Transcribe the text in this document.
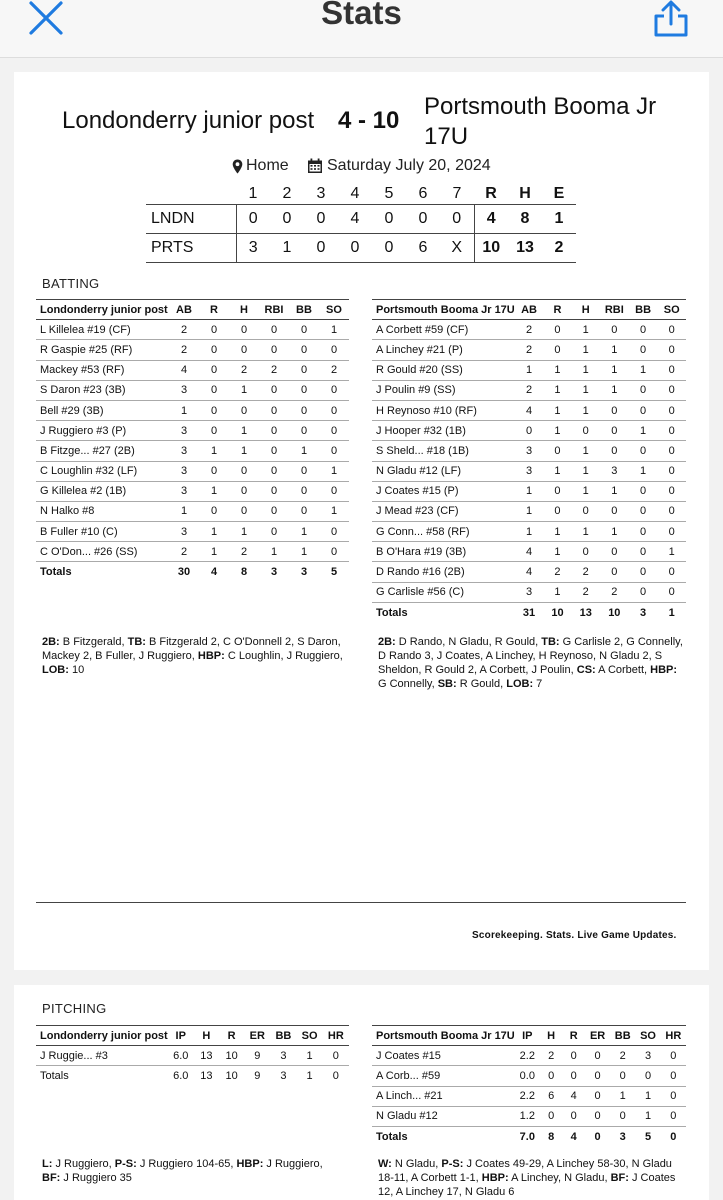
Stats
Londonderry junior post 4 - 10
Portsmouth Booma Jr 17U
Home	Saturday July 20, 2024
	1	2	3	4	5	6	7	R	H	E
LNDN	0	0	0	4	0	0	0	4	8	1
PRTS	3	1	0	0	0	6	X	10	13	2
BATTING
Londonderry junior post	AB	R	H	RBI	BB	SO
L Killelea #19 (CF)	2	0	0	0	0	1
R Gaspie #25 (RF)	2	0	0	0	0	0
Mackey #53 (RF)	4	0	2	2	0	2
S Daron #23 (3B)	3	0	1	0	0	0
Bell #29 (3B)	1	0	0	0	0	0
J Ruggiero #3 (P)	3	0	1	0	0	0
B Fitzge... #27 (2B)	3	1	1	0	1	0
C Loughlin #32 (LF)	3	0	0	0	0	1
G Killelea #2 (1B)	3	1	0	0	0	0
N Halko #8	1	0	0	0	0	1
B Fuller #10 (C)	3	1	1	0	1	0
C O'Don... #26 (SS)	2	1	2	1	1	0
Totals	30	4	8	3	3	5
Portsmouth Booma Jr 17U	AB	R	H	RBI	BB	SO
A Corbett #59 (CF)	2	0	1	0	0	0
A Linchey #21 (P)	2	0	1	1	0	0
R Gould #20 (SS)	1	1	1	1	1	0
J Poulin #9 (SS)	2	1	1	1	0	0
H Reynoso #10 (RF)	4	1	1	0	0	0
J Hooper #32 (1B)	0	1	0	0	1	0
S Sheld... #18 (1B)	3	0	1	0	0	0
N Gladu #12 (LF)	3	1	1	3	1	0
J Coates #15 (P)	1	0	1	1	0	0
J Mead #23 (CF)	1	0	0	0	0	0
G Conn... #58 (RF)	1	1	1	1	0	0
B O'Hara #19 (3B)	4	1	0	0	0	1
D Rando #16 (2B)	4	2	2	0	0	0
G Carlisle #56 (C)	3	1	2	2	0	0
Totals	31	10	13	10	3	1
2B: B Fitzgerald, TB: B Fitzgerald 2, C O'Donnell 2, S Daron, Mackey 2, B Fuller, J Ruggiero, HBP: C Loughlin, J Ruggiero, LOB: 10
2B: D Rando, N Gladu, R Gould, TB: G Carlisle 2, G Connelly, D Rando 3, J Coates, A Linchey, H Reynoso, N Gladu 2, S Sheldon, R Gould 2, A Corbett, J Poulin, CS: A Corbett, HBP: G Connelly, SB: R Gould, LOB: 7
Scorekeeping. Stats. Live Game Updates.
PITCHING
Londonderry junior post	IP	H	R	ER	BB	SO	HR
J Ruggie... #3	6.0	13	10	9	3	1	0
Totals	6.0	13	10	9	3	1	0
Portsmouth Booma Jr 17U	IP	H	R	ER	BB	SO	HR
J Coates #15	2.2	2	0	0	2	3	0
A Corb... #59	0.0	0	0	0	0	0	0
A Linch... #21	2.2	6	4	0	1	1	0
N Gladu #12	1.2	0	0	0	0	1	0
Totals	7.0	8	4	0	3	5	0
L: J Ruggiero, P-S: J Ruggiero 104-65, HBP: J Ruggiero, BF: J Ruggiero 35
W: N Gladu, P-S: J Coates 49-29, A Linchey 58-30, N Gladu 18-11, A Corbett 1-1, HBP: A Linchey, N Gladu, BF: J Coates 12, A Linchey 17, N Gladu 6
